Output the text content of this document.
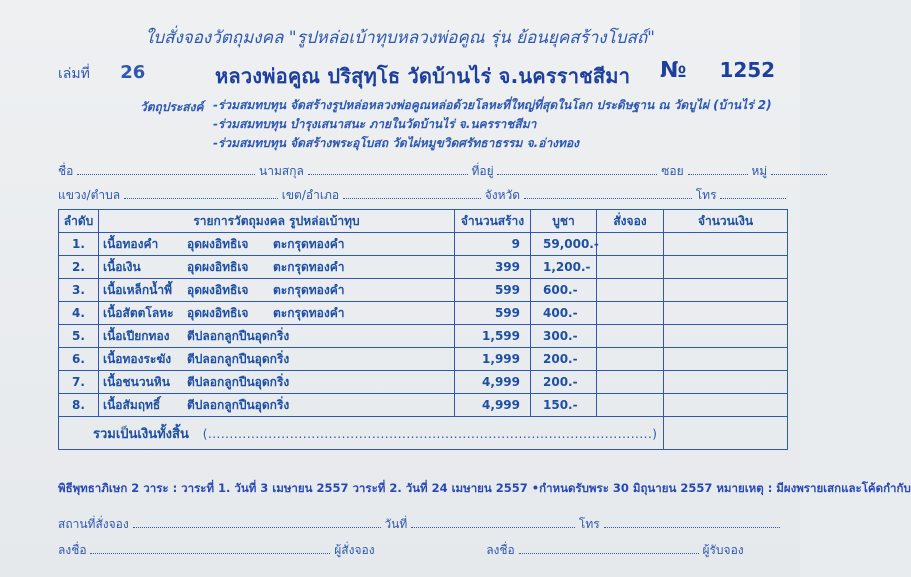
ใบสั่งจองวัตถุมงคล "รูปหล่อเบ้าทุบหลวงพ่อคูณ รุ่น ย้อนยุคสร้างโบสถ์"
เล่มที่ 26	หลวงพ่อคูณ ปริสุทฺโธ วัดบ้านไร่ จ.นครราชสีมา № 1252
วัตถุประสงค์ -ร่วมสมทบทุน จัดสร้างรูปหล่อหลวงพ่อคูณหล่อด้วยโลหะที่ใหญ่ที่สุดในโลก ประดิษฐาน ณ วัดบูไผ่ (บ้านไร่ 2)
-ร่วมสมทบทุน บำรุงเสนาสนะ ภายในวัดบ้านไร่ จ.นครราชสีมา
-ร่วมสมทบทุน จัดสร้างพระอุโบสถ วัดไผ่หมูขวิดศรัทธาธรรม จ.อ่างทอง
ชื่อ	นามสกุล	ที่อยู่	ซอย	หมู่
แขวง/ตำบล	เขต/อำเภอ	จังหวัด	โทร
ลำดับ	รายการวัตถุมงคล รูปหล่อเบ้าทุบ	จำนวนสร้าง	บูชา	สั่งจอง	จำนวนเงิน
1.	เนื้อทองคำ อุดผงอิทธิเจ ตะกรุดทองคำ	9	59,000.-		
2.	เนื้อเงิน อุดผงอิทธิเจ ตะกรุดทองคำ	399	1,200.-		
3.	เนื้อเหล็กน้ำพี้ อุดผงอิทธิเจ ตะกรุดทองคำ	599	600.-		
4.	เนื้อสัตตโลหะ อุดผงอิทธิเจ ตะกรุดทองคำ	599	400.-		
5.	เนื้อเปียกทอง ตีปลอกลูกปืนอุดกริ่ง	1,599	300.-		
6.	เนื้อทองระฆัง ตีปลอกลูกปืนอุดกริ่ง	1,999	200.-		
7.	เนื้อชนวนหิน ตีปลอกลูกปืนอุดกริ่ง	4,999	200.-		
8.	เนื้อสัมฤทธิ์ ตีปลอกลูกปืนอุดกริ่ง	4,999	150.-		
รวมเป็นเงินทั้งสิ้น (.......................................................................................................)					
พิธีพุทธาภิเษก 2 วาระ : วาระที่ 1. วันที่ 3 เมษายน 2557 วาระที่ 2. วันที่ 24 เมษายน 2557 •กำหนดรับพระ 30 มิถุนายน 2557 หมายเหตุ : มีผงพรายเสกและโค้ดกำกับ
สถานที่สั่งจอง	วันที่	โทร
ลงชื่อ	ผู้สั่งจอง	ลงชื่อ	ผู้รับจอง
